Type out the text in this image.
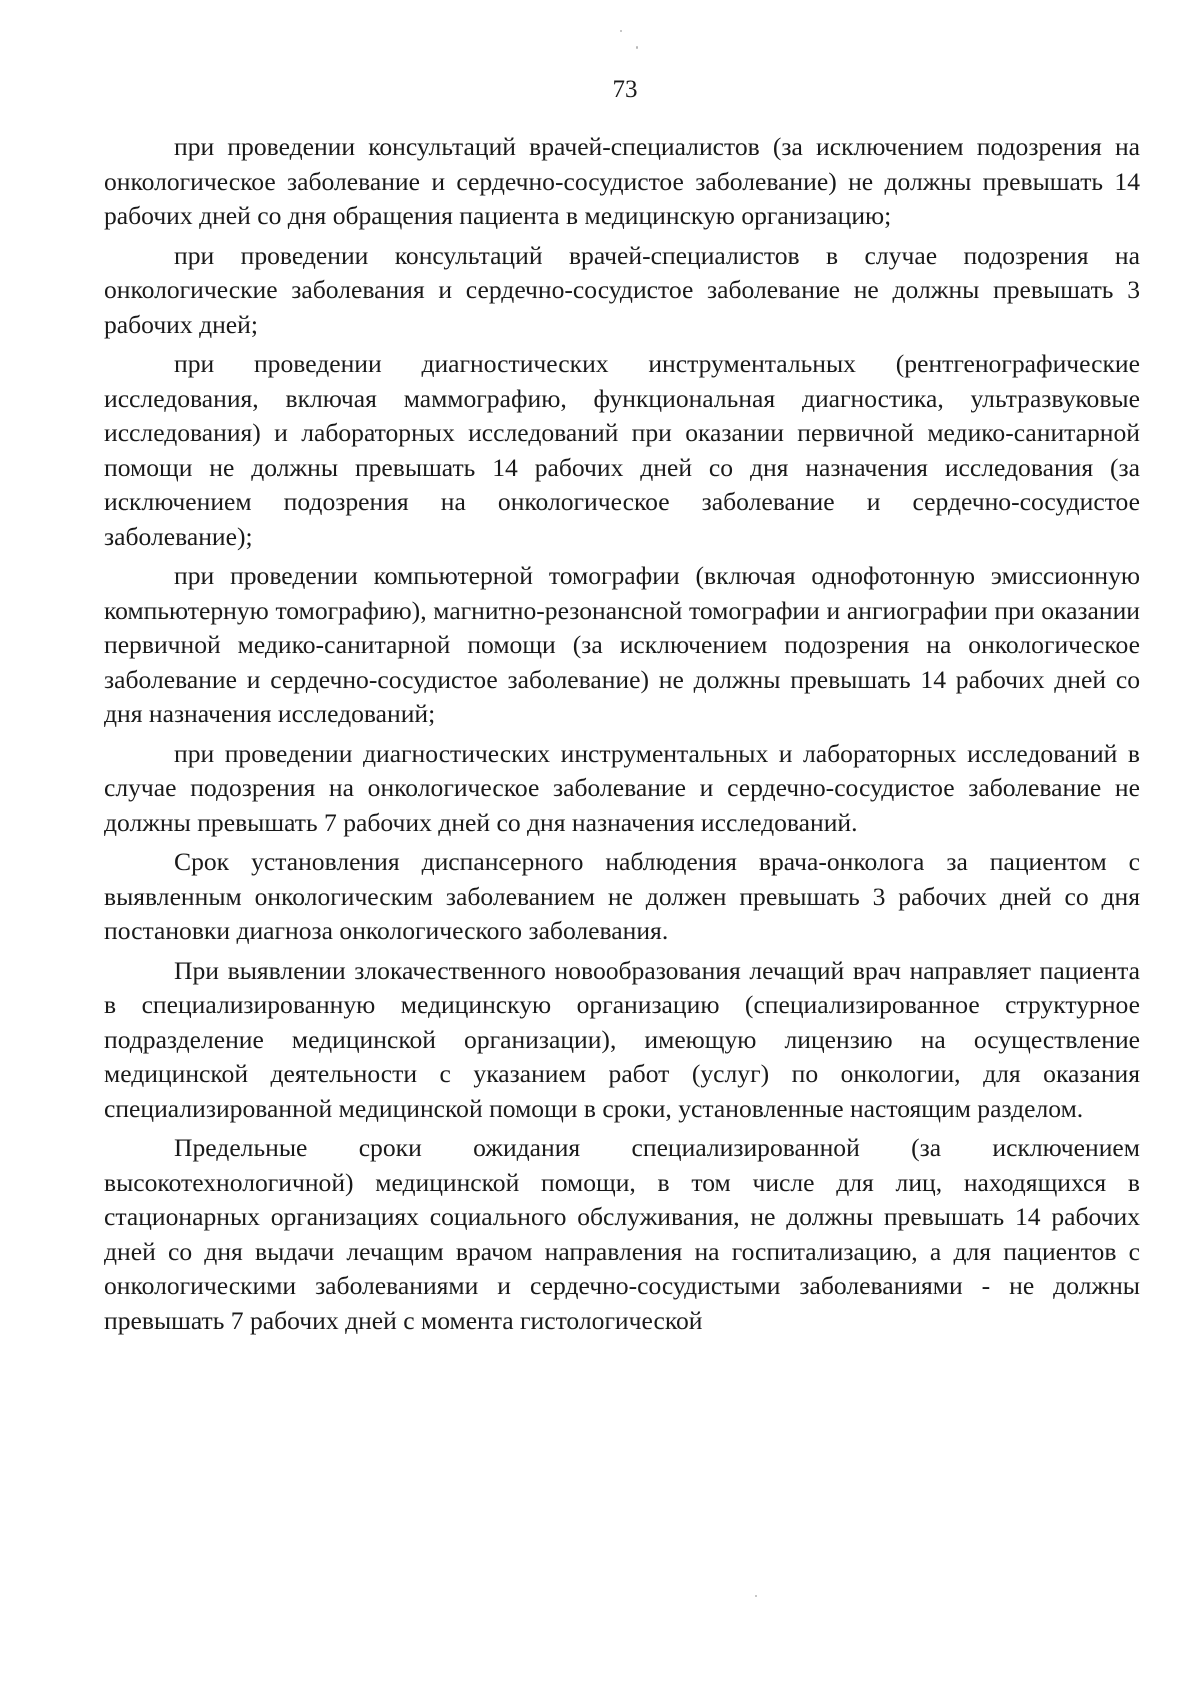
73

при проведении консультаций врачей-специалистов (за исключением подозрения на онкологическое заболевание и сердечно-сосудистое заболевание) не должны превышать 14 рабочих дней со дня обращения пациента в медицинскую организацию;

при проведении консультаций врачей-специалистов в случае подозрения на онкологические заболевания и сердечно-сосудистое заболевание не должны превышать 3 рабочих дней;

при проведении диагностических инструментальных (рентгенографические исследования, включая маммографию, функциональная диагностика, ультразвуковые исследования) и лабораторных исследований при оказании первичной медико-санитарной помощи не должны превышать 14 рабочих дней со дня назначения исследования (за исключением подозрения на онкологическое заболевание и сердечно-сосудистое заболевание);

при проведении компьютерной томографии (включая однофотонную эмиссионную компьютерную томографию), магнитно-резонансной томографии и ангиографии при оказании первичной медико-санитарной помощи (за исключением подозрения на онкологическое заболевание и сердечно-сосудистое заболевание) не должны превышать 14 рабочих дней со дня назначения исследований;

при проведении диагностических инструментальных и лабораторных исследований в случае подозрения на онкологическое заболевание и сердечно-сосудистое заболевание не должны превышать 7 рабочих дней со дня назначения исследований.

Срок установления диспансерного наблюдения врача-онколога за пациентом с выявленным онкологическим заболеванием не должен превышать 3 рабочих дней со дня постановки диагноза онкологического заболевания.

При выявлении злокачественного новообразования лечащий врач направляет пациента в специализированную медицинскую организацию (специализированное структурное подразделение медицинской организации), имеющую лицензию на осуществление медицинской деятельности с указанием работ (услуг) по онкологии, для оказания специализированной медицинской помощи в сроки, установленные настоящим разделом.

Предельные сроки ожидания специализированной (за исключением высокотехнологичной) медицинской помощи, в том числе для лиц, находящихся в стационарных организациях социального обслуживания, не должны превышать 14 рабочих дней со дня выдачи лечащим врачом направления на госпитализацию, а для пациентов с онкологическими заболеваниями и сердечно-сосудистыми заболеваниями - не должны превышать 7 рабочих дней с момента гистологической
